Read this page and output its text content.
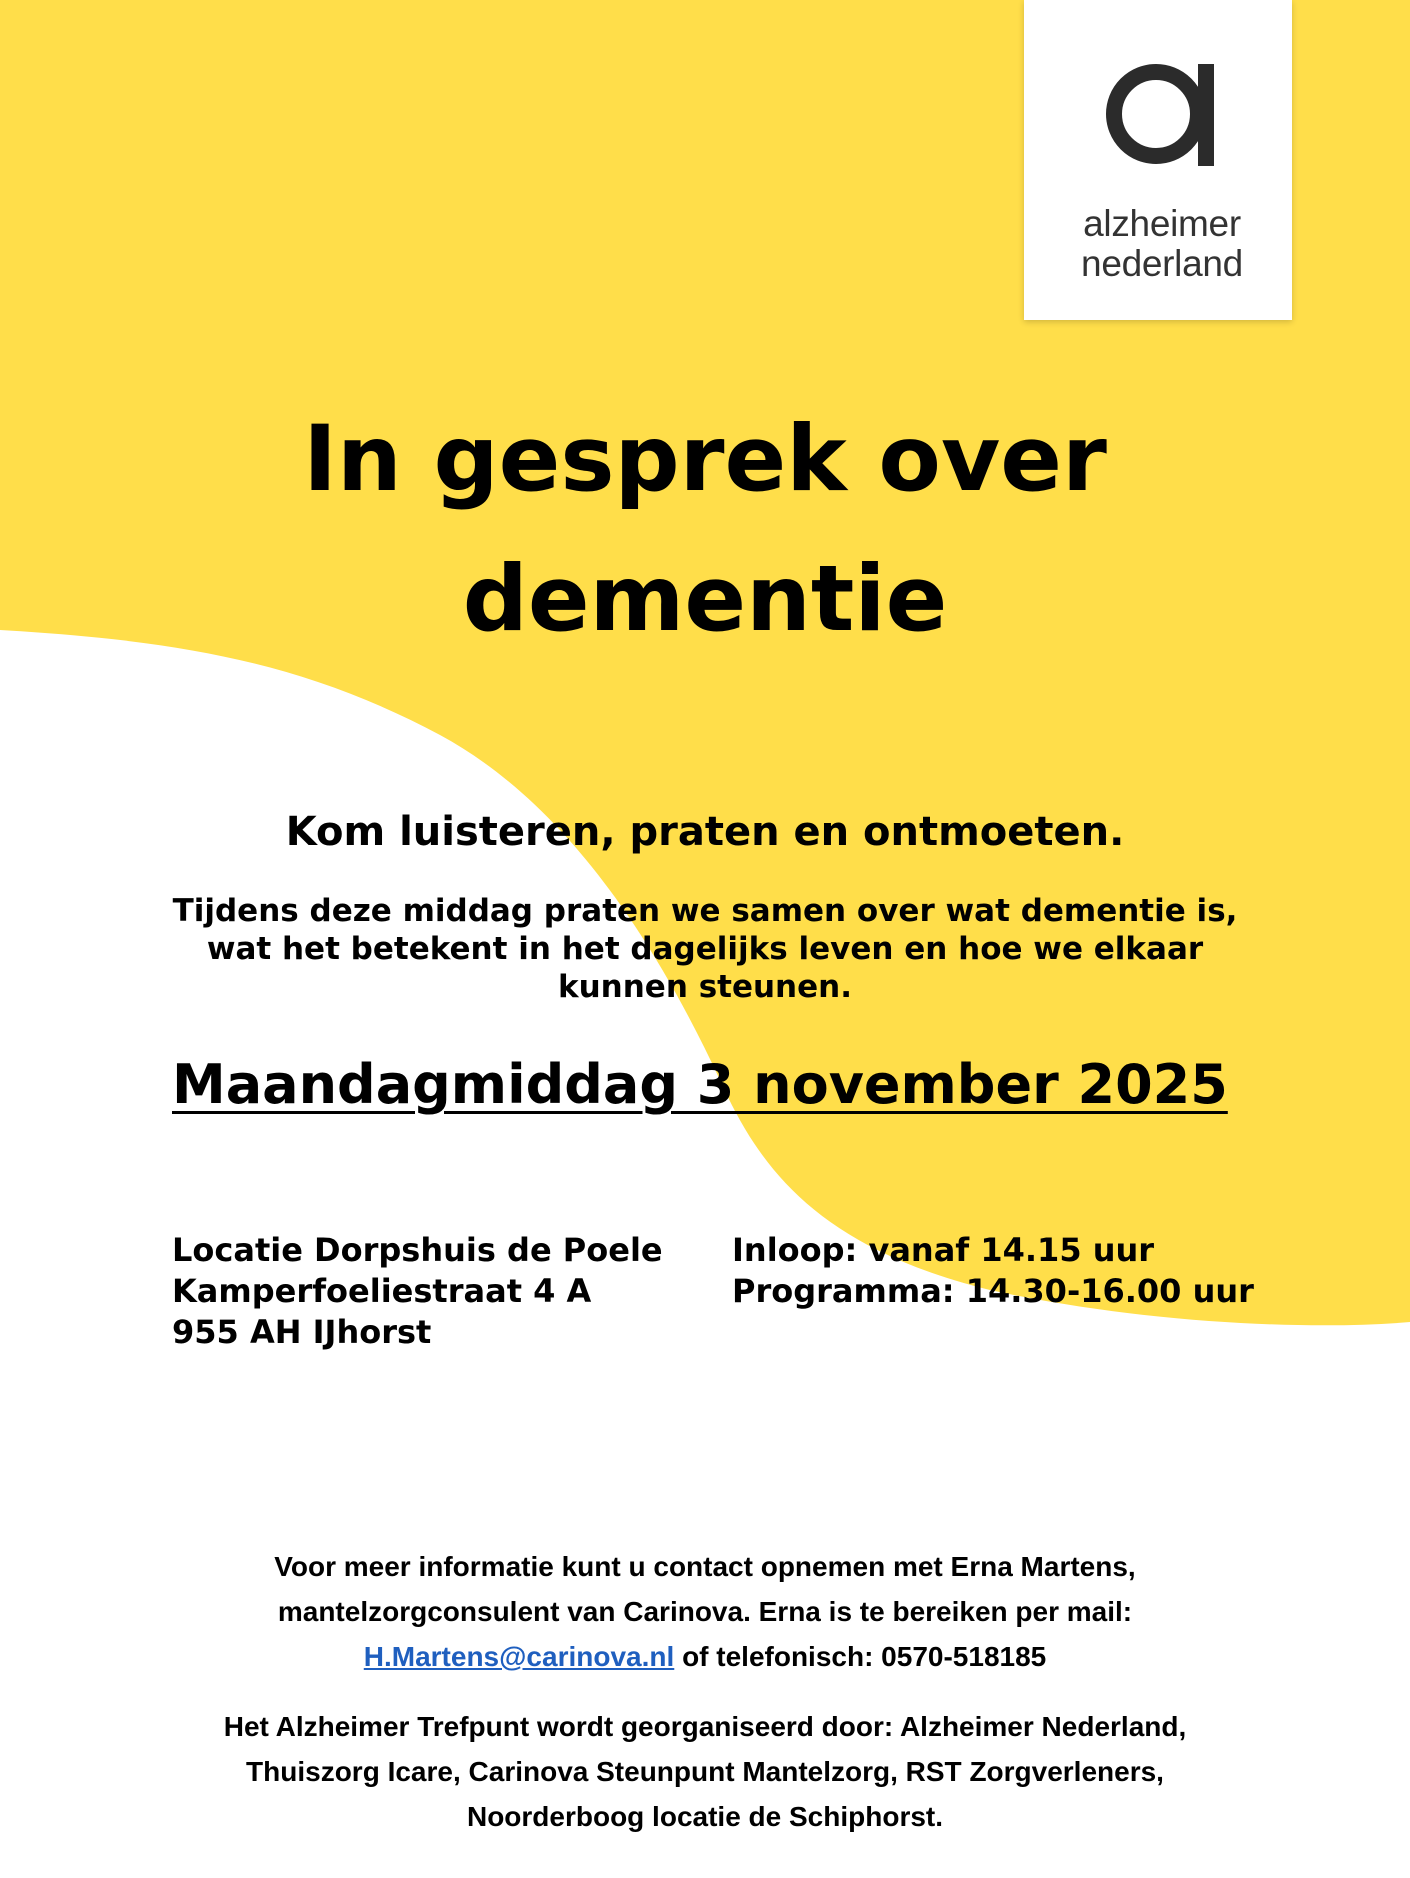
alzheimer
nederland
In gesprek over
dementie

Kom luisteren, praten en ontmoeten.

Tijdens deze middag praten we samen over wat dementie is,
wat het betekent in het dagelijks leven en hoe we elkaar
kunnen steunen.

Maandagmiddag 3 november 2025

Locatie Dorpshuis de Poele
Kamperfoeliestraat 4 A
955 AH IJhorst
Inloop: vanaf 14.15 uur
Programma: 14.30-16.00 uur
Voor meer informatie kunt u contact opnemen met Erna Martens,
mantelzorgconsulent van Carinova. Erna is te bereiken per mail:
H.Martens@carinova.nl of telefonisch: 0570-518185
Het Alzheimer Trefpunt wordt georganiseerd door: Alzheimer Nederland,
Thuiszorg Icare, Carinova Steunpunt Mantelzorg, RST Zorgverleners,
Noorderboog locatie de Schiphorst.
